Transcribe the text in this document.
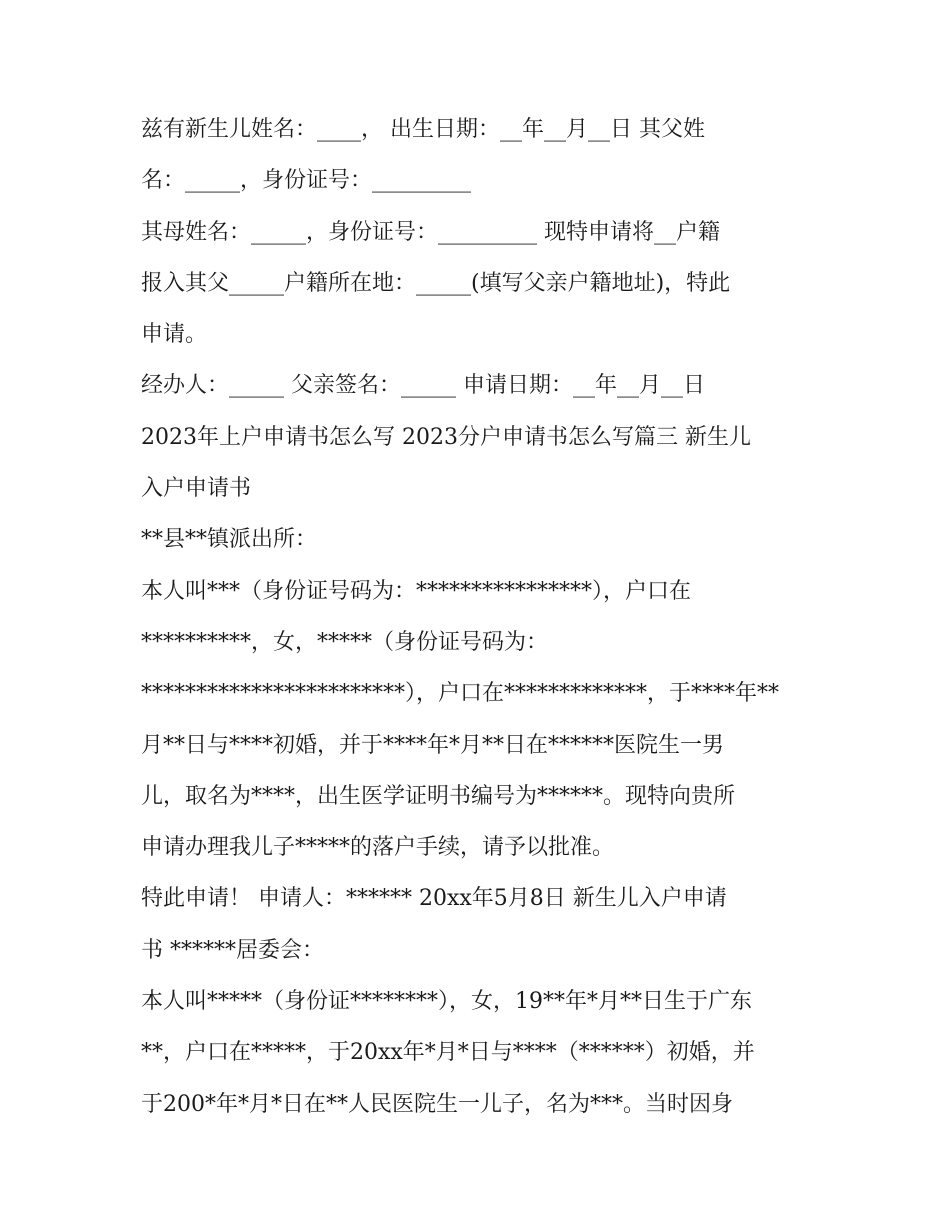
兹有新生儿姓名：____， 出生日期：__年__月__日 其父姓
名：_____，身份证号：_________
其母姓名：_____，身份证号：_________ 现特申请将__户籍
报入其父_____户籍所在地：_____(填写父亲户籍地址)，特此
申请。
经办人：_____ 父亲签名：_____ 申请日期：__年__月__日
2023年上户申请书怎么写 2023分户申请书怎么写篇三 新生儿
入户申请书
**县**镇派出所：
本人叫***（身份证号码为：****************），户口在
**********，女，*****（身份证号码为：
************************），户口在*************，于****年**
月**日与****初婚，并于****年*月**日在******医院生一男
儿，取名为****，出生医学证明书编号为******。现特向贵所
申请办理我儿子*****的落户手续，请予以批准。
特此申请！ 申请人：****** 20xx年5月8日 新生儿入户申请
书 ******居委会：
本人叫*****（身份证********），女，19**年*月**日生于广东
**，户口在*****，于20xx年*月*日与****（******）初婚，并
于200*年*月*日在**人民医院生一儿子，名为***。当时因身
